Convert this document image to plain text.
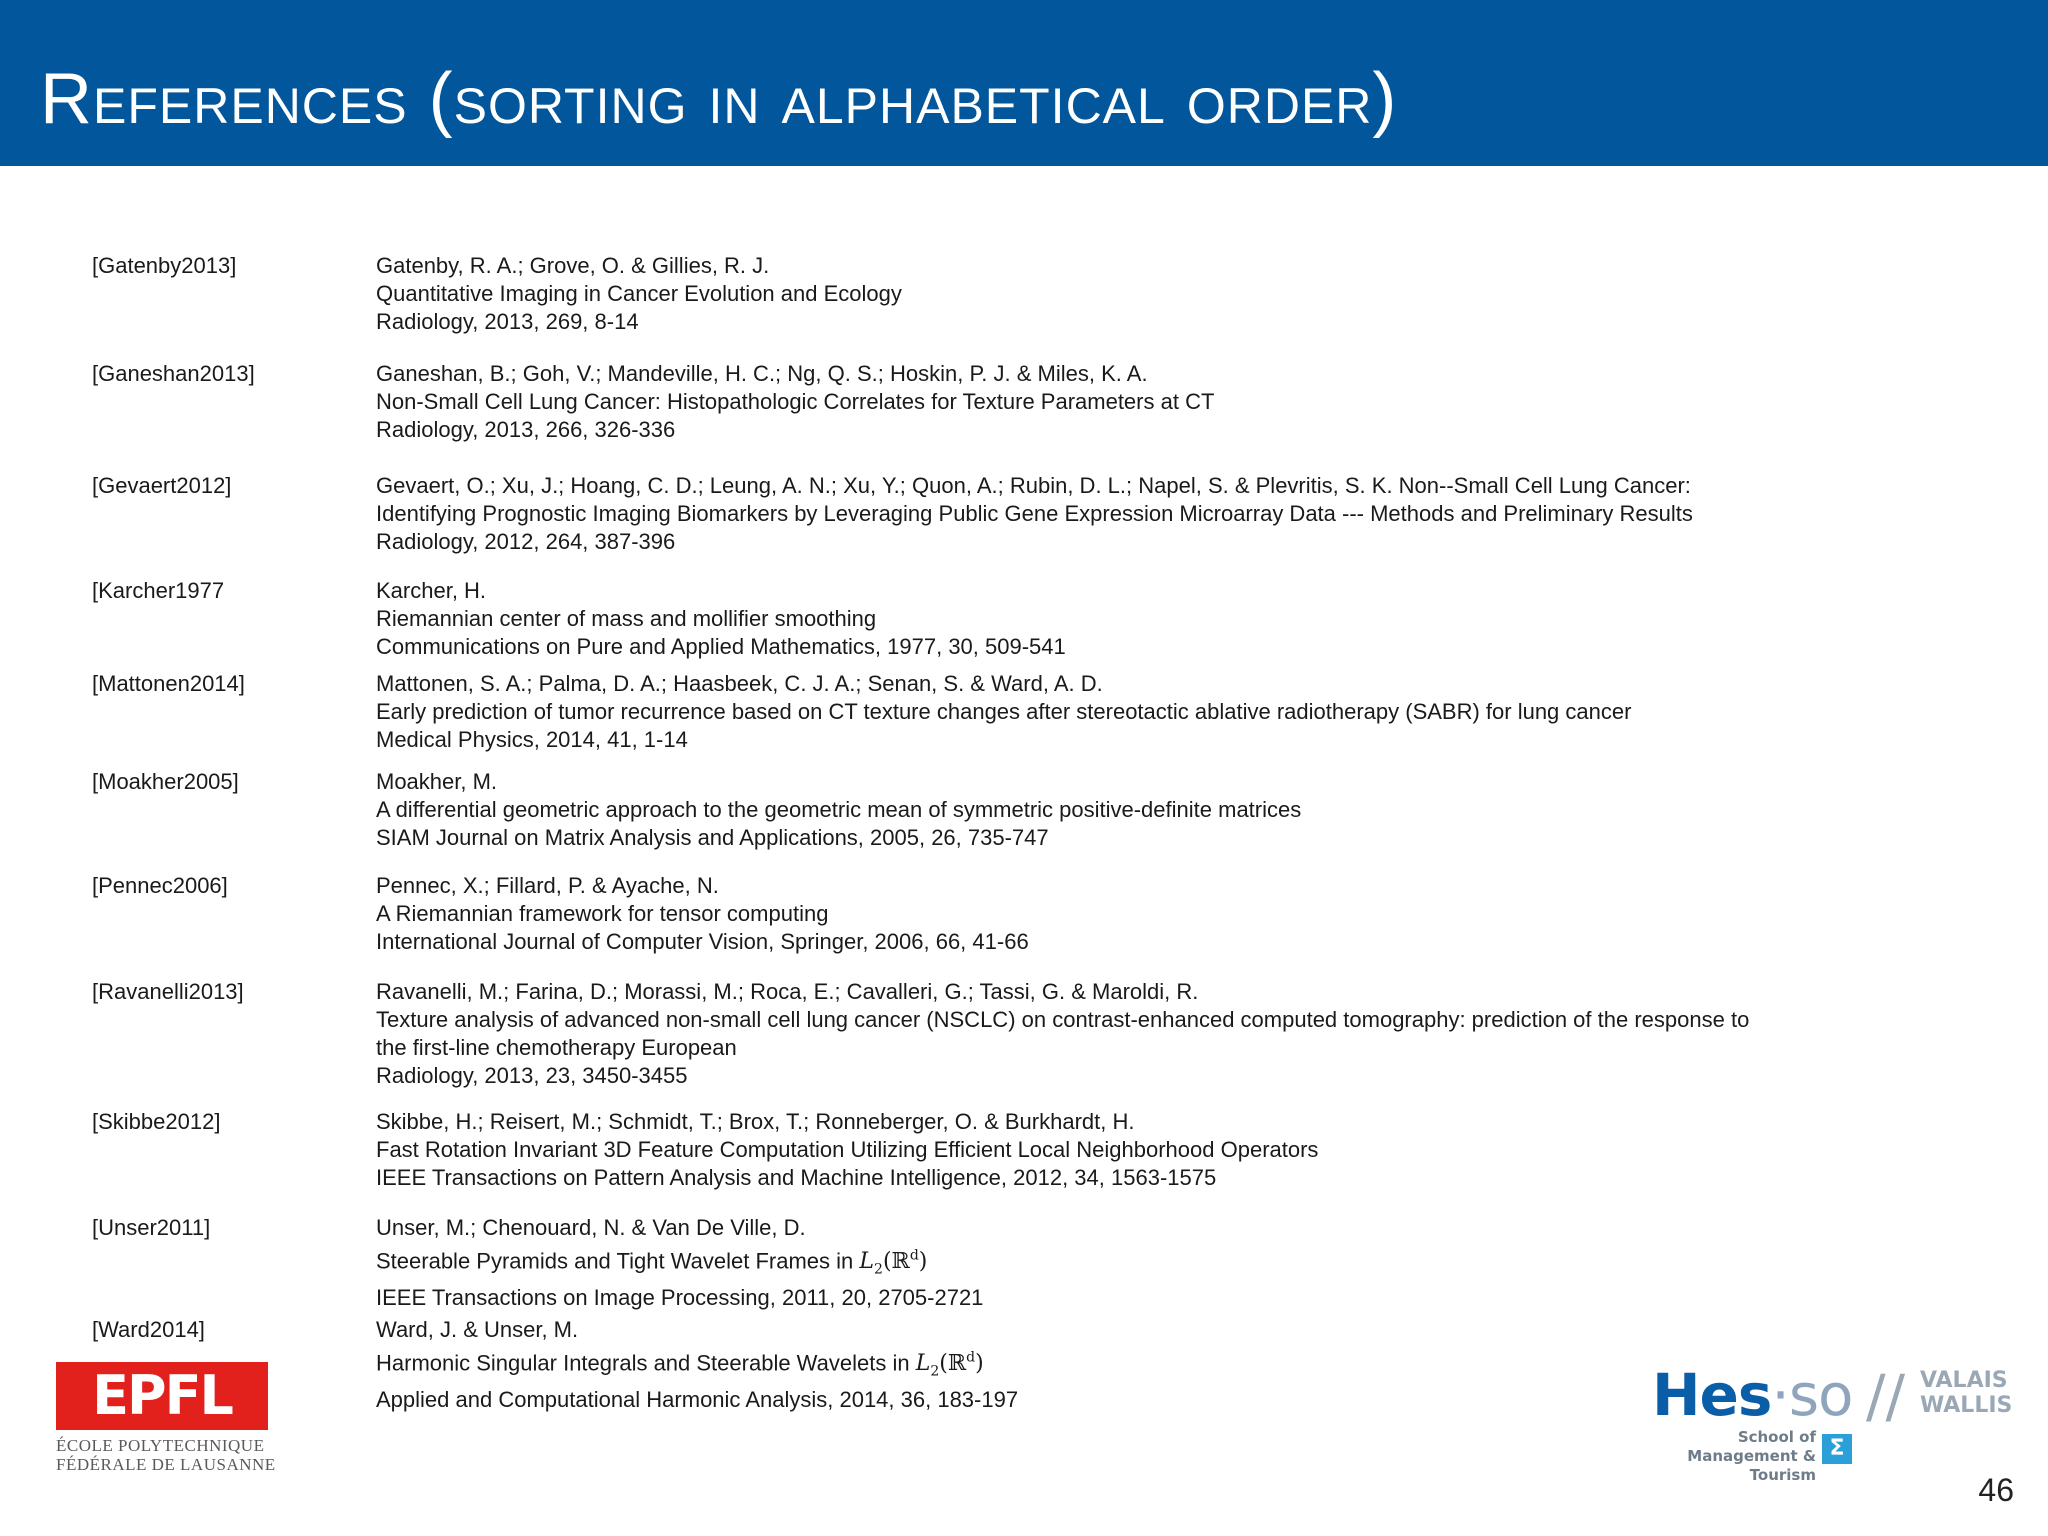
References (sorting in alphabetical order)
[Gatenby2013]	Gatenby, R. A.; Grove, O. & Gillies, R. J.
Quantitative Imaging in Cancer Evolution and Ecology
Radiology, 2013, 269, 8-14
[Ganeshan2013]	Ganeshan, B.; Goh, V.; Mandeville, H. C.; Ng, Q. S.; Hoskin, P. J. & Miles, K. A.
Non-Small Cell Lung Cancer: Histopathologic Correlates for Texture Parameters at CT
Radiology, 2013, 266, 326-336
[Gevaert2012]	Gevaert, O.; Xu, J.; Hoang, C. D.; Leung, A. N.; Xu, Y.; Quon, A.; Rubin, D. L.; Napel, S. & Plevritis, S. K. Non--Small Cell Lung Cancer:
Identifying Prognostic Imaging Biomarkers by Leveraging Public Gene Expression Microarray Data --- Methods and Preliminary Results
Radiology, 2012, 264, 387-396
[Karcher1977	Karcher, H.
Riemannian center of mass and mollifier smoothing
Communications on Pure and Applied Mathematics, 1977, 30, 509-541
[Mattonen2014]	Mattonen, S. A.; Palma, D. A.; Haasbeek, C. J. A.; Senan, S. & Ward, A. D.
Early prediction of tumor recurrence based on CT texture changes after stereotactic ablative radiotherapy (SABR) for lung cancer
Medical Physics, 2014, 41, 1-14
[Moakher2005]	Moakher, M.
A differential geometric approach to the geometric mean of symmetric positive-definite matrices
SIAM Journal on Matrix Analysis and Applications, 2005, 26, 735-747
[Pennec2006]	Pennec, X.; Fillard, P. & Ayache, N.
A Riemannian framework for tensor computing
International Journal of Computer Vision, Springer, 2006, 66, 41-66
[Ravanelli2013]	Ravanelli, M.; Farina, D.; Morassi, M.; Roca, E.; Cavalleri, G.; Tassi, G. & Maroldi, R.
Texture analysis of advanced non-small cell lung cancer (NSCLC) on contrast-enhanced computed tomography: prediction of the response to
the first-line chemotherapy European
Radiology, 2013, 23, 3450-3455
[Skibbe2012]	Skibbe, H.; Reisert, M.; Schmidt, T.; Brox, T.; Ronneberger, O. & Burkhardt, H.
Fast Rotation Invariant 3D Feature Computation Utilizing Efficient Local Neighborhood Operators
IEEE Transactions on Pattern Analysis and Machine Intelligence, 2012, 34, 1563-1575
[Unser2011]	Unser, M.; Chenouard, N. & Van De Ville, D.
Steerable Pyramids and Tight Wavelet Frames in $L_2(ℝ^d)$
IEEE Transactions on Image Processing, 2011, 20, 2705-2721
[Ward2014]	Ward, J. & Unser, M.
Harmonic Singular Integrals and Steerable Wavelets in $L_2(ℝ^d)$
Applied and Computational Harmonic Analysis, 2014, 36, 183-197
EPFL
ÉCOLE POLYTECHNIQUE
FÉDÉRALE DE LAUSANNE
Hes·so // VALAIS
WALLIS
School of
Management & Tourism
Σ
46
